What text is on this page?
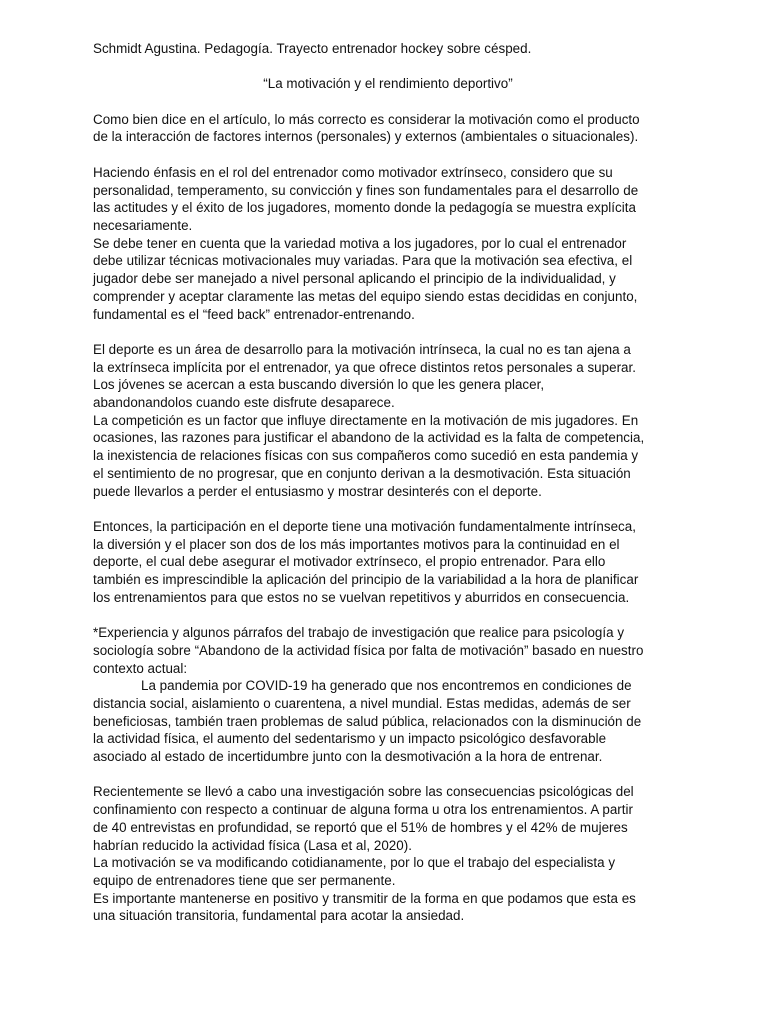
Schmidt Agustina. Pedagogía. Trayecto entrenador hockey sobre césped.

“La motivación y el rendimiento deportivo”

Como bien dice en el artículo, lo más correcto es considerar la motivación como el producto

de la interacción de factores internos (personales) y externos (ambientales o situacionales).

Haciendo énfasis en el rol del entrenador como motivador extrínseco, considero que su

personalidad, temperamento, su convicción y fines son fundamentales para el desarrollo de

las actitudes y el éxito de los jugadores, momento donde la pedagogía se muestra explícita

necesariamente.

Se debe tener en cuenta que la variedad motiva a los jugadores, por lo cual el entrenador

debe utilizar técnicas motivacionales muy variadas. Para que la motivación sea efectiva, el

jugador debe ser manejado a nivel personal aplicando el principio de la individualidad, y

comprender y aceptar claramente las metas del equipo siendo estas decididas en conjunto,

fundamental es el “feed back” entrenador-entrenando.

El deporte es un área de desarrollo para la motivación intrínseca, la cual no es tan ajena a

la extrínseca implícita por el entrenador, ya que ofrece distintos retos personales a superar.

Los jóvenes se acercan a esta buscando diversión lo que les genera placer,

abandonandolos cuando este disfrute desaparece.

La competición es un factor que influye directamente en la motivación de mis jugadores. En

ocasiones, las razones para justificar el abandono de la actividad es la falta de competencia,

la inexistencia de relaciones físicas con sus compañeros como sucedió en esta pandemia y

el sentimiento de no progresar, que en conjunto derivan a la desmotivación. Esta situación

puede llevarlos a perder el entusiasmo y mostrar desinterés con el deporte.

Entonces, la participación en el deporte tiene una motivación fundamentalmente intrínseca,

la diversión y el placer son dos de los más importantes motivos para la continuidad en el

deporte, el cual debe asegurar el motivador extrínseco, el propio entrenador. Para ello

también es imprescindible la aplicación del principio de la variabilidad a la hora de planificar

los entrenamientos para que estos no se vuelvan repetitivos y aburridos en consecuencia.

*Experiencia y algunos párrafos del trabajo de investigación que realice para psicología y

sociología sobre “Abandono de la actividad física por falta de motivación” basado en nuestro

contexto actual:

La pandemia por COVID-19 ha generado que nos encontremos en condiciones de

distancia social, aislamiento o cuarentena, a nivel mundial. Estas medidas, además de ser

beneficiosas, también traen problemas de salud pública, relacionados con la disminución de

la actividad física, el aumento del sedentarismo y un impacto psicológico desfavorable

asociado al estado de incertidumbre junto con la desmotivación a la hora de entrenar.

Recientemente se llevó a cabo una investigación sobre las consecuencias psicológicas del

confinamiento con respecto a continuar de alguna forma u otra los entrenamientos. A partir

de 40 entrevistas en profundidad, se reportó que el 51% de hombres y el 42% de mujeres

habrían reducido la actividad física (Lasa et al, 2020).

La motivación se va modificando cotidianamente, por lo que el trabajo del especialista y

equipo de entrenadores tiene que ser permanente.

Es importante mantenerse en positivo y transmitir de la forma en que podamos que esta es

una situación transitoria, fundamental para acotar la ansiedad.
